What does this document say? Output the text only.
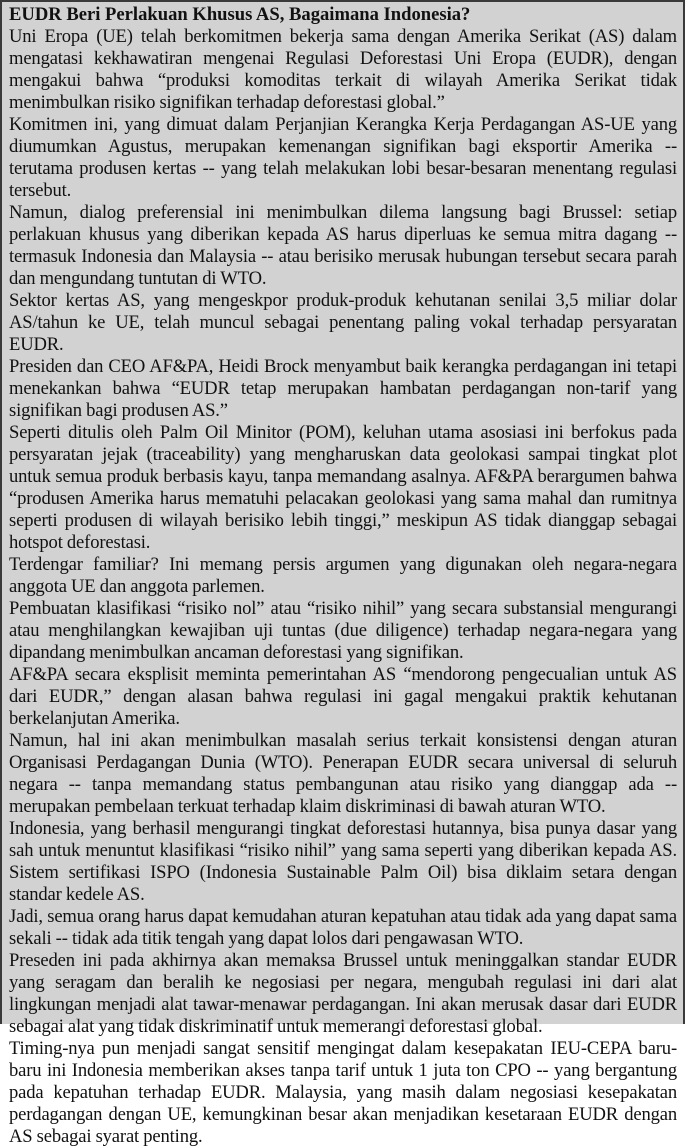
EUDR Beri Perlakuan Khusus AS, Bagaimana Indonesia?

Uni Eropa (UE) telah berkomitmen bekerja sama dengan Amerika Serikat (AS) dalam mengatasi kekhawatiran mengenai Regulasi Deforestasi Uni Eropa (EUDR), dengan mengakui bahwa “produksi komoditas terkait di wilayah Amerika Serikat tidak menimbulkan risiko signifikan terhadap deforestasi global.”

Komitmen ini, yang dimuat dalam Perjanjian Kerangka Kerja Perdagangan AS-UE yang diumumkan Agustus, merupakan kemenangan signifikan bagi eksportir Amerika -- terutama produsen kertas -- yang telah melakukan lobi besar-besaran menentang regulasi tersebut.

Namun, dialog preferensial ini menimbulkan dilema langsung bagi Brussel: setiap perlakuan khusus yang diberikan kepada AS harus diperluas ke semua mitra dagang -- termasuk Indonesia dan Malaysia -- atau berisiko merusak hubungan tersebut secara parah dan mengundang tuntutan di WTO.

Sektor kertas AS, yang mengeskpor produk-produk kehutanan senilai 3,5 miliar dolar AS/tahun ke UE, telah muncul sebagai penentang paling vokal terhadap persyaratan EUDR.

Presiden dan CEO AF&PA, Heidi Brock menyambut baik kerangka perdagangan ini tetapi menekankan bahwa “EUDR tetap merupakan hambatan perdagangan non-tarif yang signifikan bagi produsen AS.”

Seperti ditulis oleh Palm Oil Minitor (POM), keluhan utama asosiasi ini berfokus pada persyaratan jejak (traceability) yang mengharuskan data geolokasi sampai tingkat plot untuk semua produk berbasis kayu, tanpa memandang asalnya. AF&PA berargumen bahwa “produsen Amerika harus mematuhi pelacakan geolokasi yang sama mahal dan rumitnya seperti produsen di wilayah berisiko lebih tinggi,” meskipun AS tidak dianggap sebagai hotspot deforestasi.

Terdengar familiar? Ini memang persis argumen yang digunakan oleh negara-negara anggota UE dan anggota parlemen.

Pembuatan klasifikasi “risiko nol” atau “risiko nihil” yang secara substansial mengurangi atau menghilangkan kewajiban uji tuntas (due diligence) terhadap negara-negara yang dipandang menimbulkan ancaman deforestasi yang signifikan.

AF&PA secara eksplisit meminta pemerintahan AS “mendorong pengecualian untuk AS dari EUDR,” dengan alasan bahwa regulasi ini gagal mengakui praktik kehutanan berkelanjutan Amerika.

Namun, hal ini akan menimbulkan masalah serius terkait konsistensi dengan aturan Organisasi Perdagangan Dunia (WTO). Penerapan EUDR secara universal di seluruh negara -- tanpa memandang status pembangunan atau risiko yang dianggap ada -- merupakan pembelaan terkuat terhadap klaim diskriminasi di bawah aturan WTO.

Indonesia, yang berhasil mengurangi tingkat deforestasi hutannya, bisa punya dasar yang sah untuk menuntut klasifikasi “risiko nihil” yang sama seperti yang diberikan kepada AS. Sistem sertifikasi ISPO (Indonesia Sustainable Palm Oil) bisa diklaim setara dengan standar kedele AS.

Jadi, semua orang harus dapat kemudahan aturan kepatuhan atau tidak ada yang dapat sama sekali -- tidak ada titik tengah yang dapat lolos dari pengawasan WTO.

Preseden ini pada akhirnya akan memaksa Brussel untuk meninggalkan standar EUDR yang seragam dan beralih ke negosiasi per negara, mengubah regulasi ini dari alat lingkungan menjadi alat tawar-menawar perdagangan. Ini akan merusak dasar dari EUDR sebagai alat yang tidak diskriminatif untuk memerangi deforestasi global.

Timing-nya pun menjadi sangat sensitif mengingat dalam kesepakatan IEU-CEPA baru-baru ini Indonesia memberikan akses tanpa tarif untuk 1 juta ton CPO -- yang bergantung pada kepatuhan terhadap EUDR. Malaysia, yang masih dalam negosiasi kesepakatan perdagangan dengan UE, kemungkinan besar akan menjadikan kesetaraan EUDR dengan AS sebagai syarat penting.
